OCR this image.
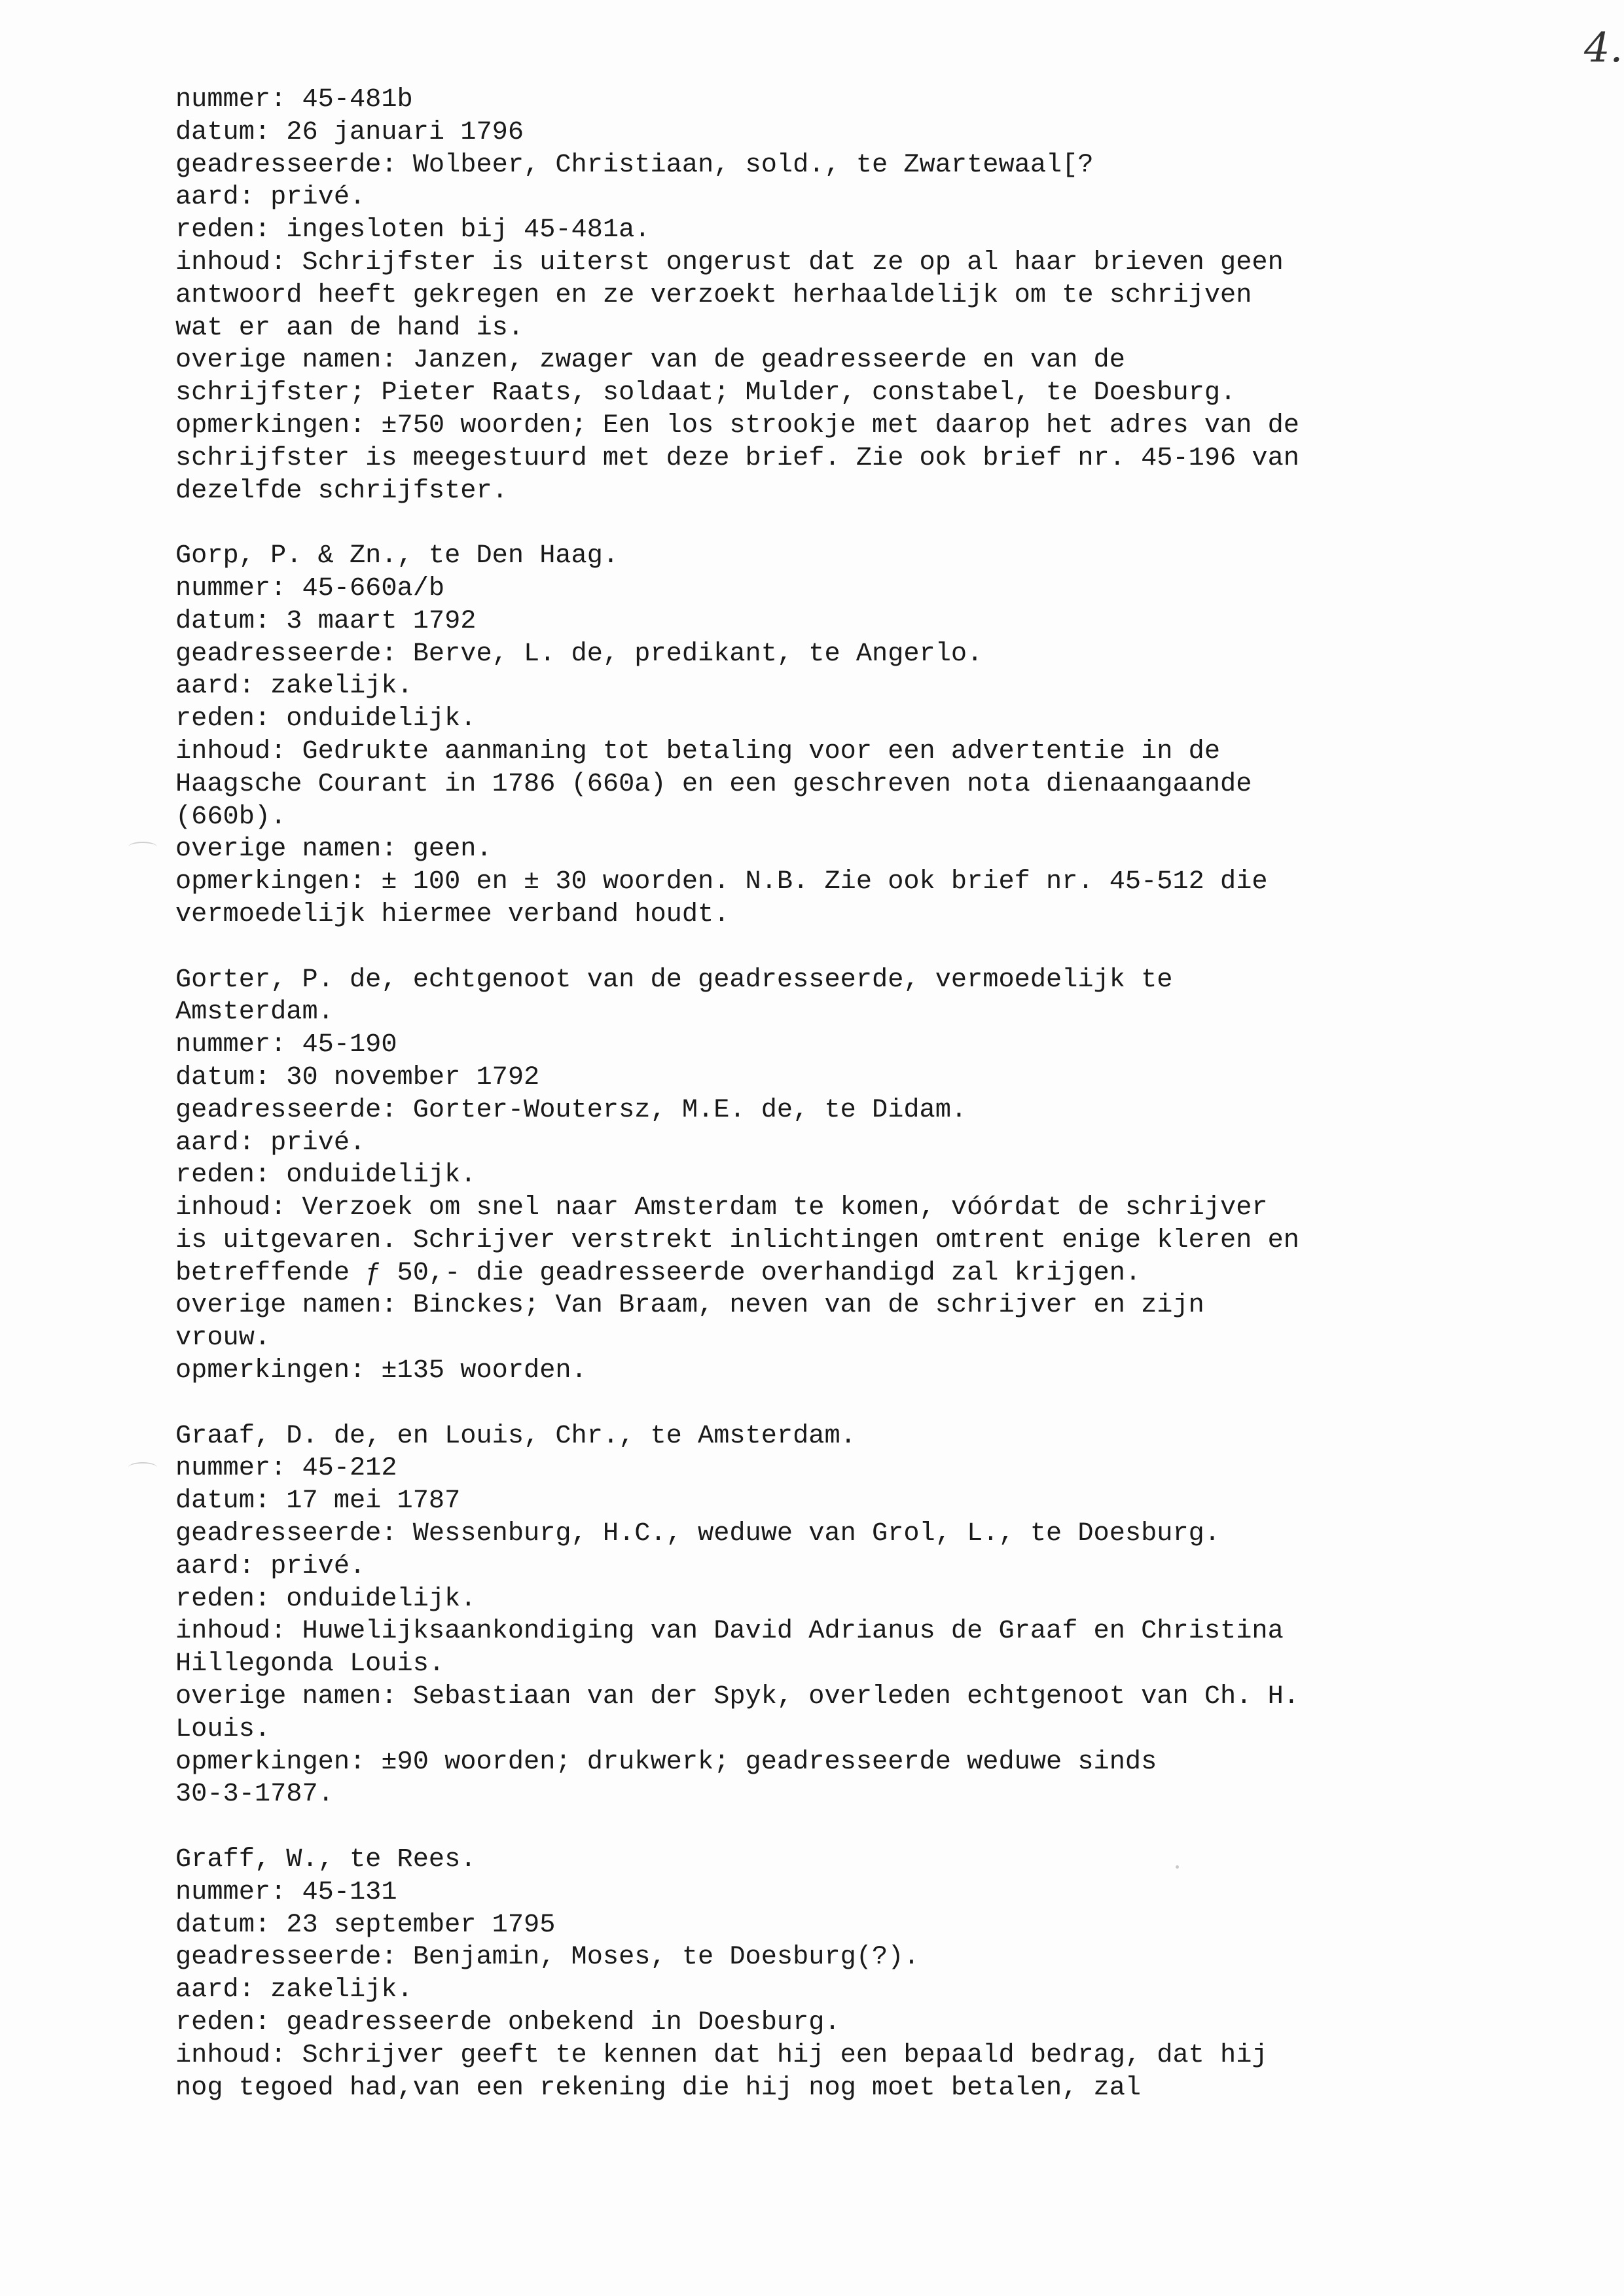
4.
nummer: 45-481b
datum: 26 januari 1796
geadresseerde: Wolbeer, Christiaan, sold., te Zwartewaal[?
aard: privé.
reden: ingesloten bij 45-481a.
inhoud: Schrijfster is uiterst ongerust dat ze op al haar brieven geen
antwoord heeft gekregen en ze verzoekt herhaaldelijk om te schrijven
wat er aan de hand is.
overige namen: Janzen, zwager van de geadresseerde en van de
schrijfster; Pieter Raats, soldaat; Mulder, constabel, te Doesburg.
opmerkingen: ±750 woorden; Een los strookje met daarop het adres van de
schrijfster is meegestuurd met deze brief. Zie ook brief nr. 45-196 van
dezelfde schrijfster.
Gorp, P. & Zn., te Den Haag.
nummer: 45-660a/b
datum: 3 maart 1792
geadresseerde: Berve, L. de, predikant, te Angerlo.
aard: zakelijk.
reden: onduidelijk.
inhoud: Gedrukte aanmaning tot betaling voor een advertentie in de
Haagsche Courant in 1786 (660a) en een geschreven nota dienaangaande
(660b).
overige namen: geen.
opmerkingen: ± 100 en ± 30 woorden. N.B. Zie ook brief nr. 45-512 die
vermoedelijk hiermee verband houdt.
Gorter, P. de, echtgenoot van de geadresseerde, vermoedelijk te
Amsterdam.
nummer: 45-190
datum: 30 november 1792
geadresseerde: Gorter-Woutersz, M.E. de, te Didam.
aard: privé.
reden: onduidelijk.
inhoud: Verzoek om snel naar Amsterdam te komen, vóórdat de schrijver
is uitgevaren. Schrijver verstrekt inlichtingen omtrent enige kleren en
betreffende ƒ 50,- die geadresseerde overhandigd zal krijgen.
overige namen: Binckes; Van Braam, neven van de schrijver en zijn
vrouw.
opmerkingen: ±135 woorden.
Graaf, D. de, en Louis, Chr., te Amsterdam.
nummer: 45-212
datum: 17 mei 1787
geadresseerde: Wessenburg, H.C., weduwe van Grol, L., te Doesburg.
aard: privé.
reden: onduidelijk.
inhoud: Huwelijksaankondiging van David Adrianus de Graaf en Christina
Hillegonda Louis.
overige namen: Sebastiaan van der Spyk, overleden echtgenoot van Ch. H.
Louis.
opmerkingen: ±90 woorden; drukwerk; geadresseerde weduwe sinds
30-3-1787.
Graff, W., te Rees.
nummer: 45-131
datum: 23 september 1795
geadresseerde: Benjamin, Moses, te Doesburg(?).
aard: zakelijk.
reden: geadresseerde onbekend in Doesburg.
inhoud: Schrijver geeft te kennen dat hij een bepaald bedrag, dat hij
nog tegoed had,van een rekening die hij nog moet betalen, zal
